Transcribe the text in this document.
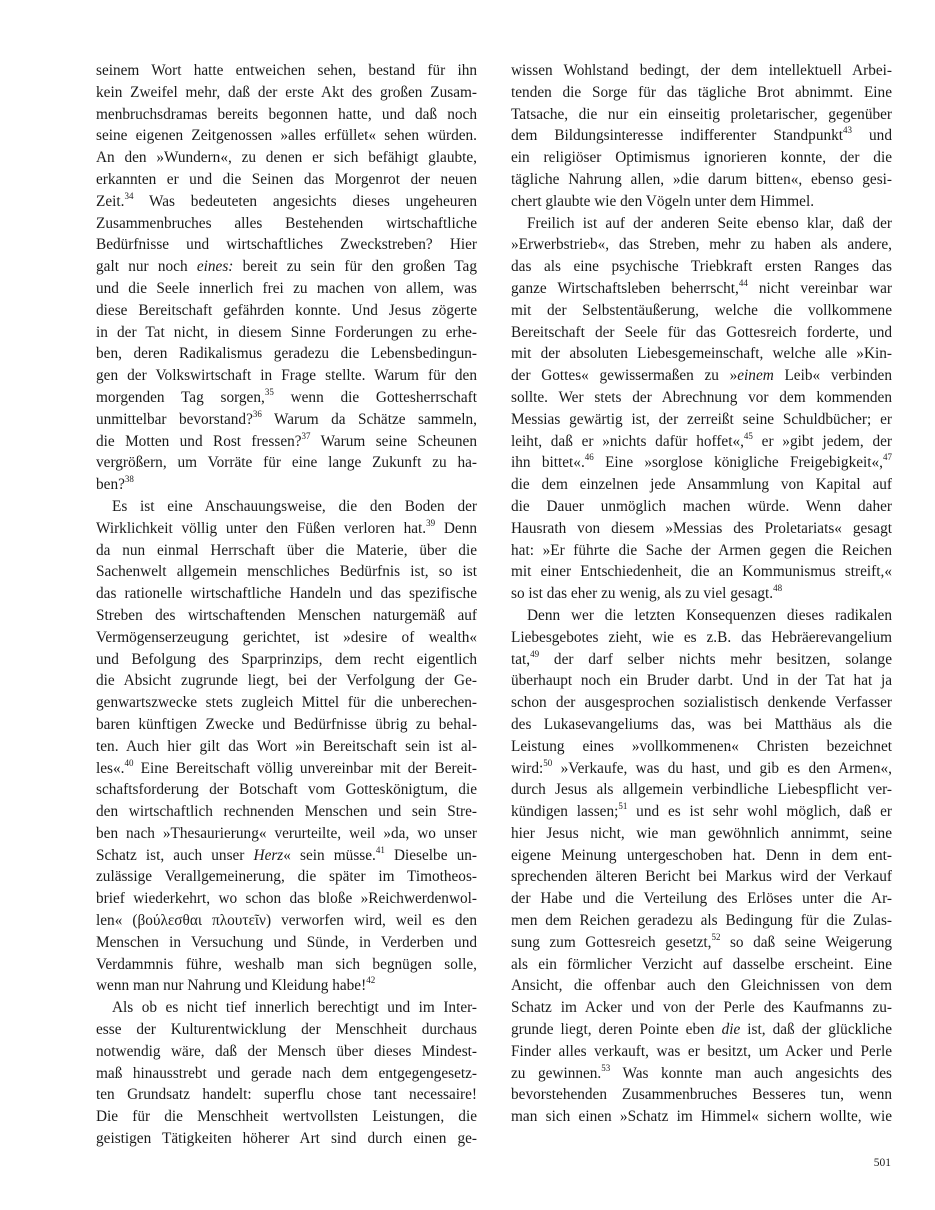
seinem Wort hatte entweichen sehen, bestand für ihn
kein Zweifel mehr, daß der erste Akt des großen Zusam-
menbruchsdramas bereits begonnen hatte, und daß noch
seine eigenen Zeitgenossen »alles erfüllet« sehen würden.
An den »Wundern«, zu denen er sich befähigt glaubte,
erkannten er und die Seinen das Morgenrot der neuen
Zeit.$^{34}$ Was bedeuteten angesichts dieses ungeheuren
Zusammenbruches alles Bestehenden wirtschaftliche
Bedürfnisse und wirtschaftliches Zweckstreben? Hier
galt nur noch eines: bereit zu sein für den großen Tag
und die Seele innerlich frei zu machen von allem, was
diese Bereitschaft gefährden konnte. Und Jesus zögerte
in der Tat nicht, in diesem Sinne Forderungen zu erhe-
ben, deren Radikalismus geradezu die Lebensbedingun-
gen der Volkswirtschaft in Frage stellte. Warum für den
morgenden Tag sorgen,$^{35}$ wenn die Gottesherrschaft
unmittelbar bevorstand?$^{36}$ Warum da Schätze sammeln,
die Motten und Rost fressen?$^{37}$ Warum seine Scheunen
vergrößern, um Vorräte für eine lange Zukunft zu ha-
ben?$^{38}$
Es ist eine Anschauungsweise, die den Boden der
Wirklichkeit völlig unter den Füßen verloren hat.$^{39}$ Denn
da nun einmal Herrschaft über die Materie, über die
Sachenwelt allgemein menschliches Bedürfnis ist, so ist
das rationelle wirtschaftliche Handeln und das spezifische
Streben des wirtschaftenden Menschen naturgemäß auf
Vermögenserzeugung gerichtet, ist »desire of wealth«
und Befolgung des Sparprinzips, dem recht eigentlich
die Absicht zugrunde liegt, bei der Verfolgung der Ge-
genwartszwecke stets zugleich Mittel für die unberechen-
baren künftigen Zwecke und Bedürfnisse übrig zu behal-
ten. Auch hier gilt das Wort »in Bereitschaft sein ist al-
les«.$^{40}$ Eine Bereitschaft völlig unvereinbar mit der Bereit-
schaftsforderung der Botschaft vom Gotteskönigtum, die
den wirtschaftlich rechnenden Menschen und sein Stre-
ben nach »Thesaurierung« verurteilte, weil »da, wo unser
Schatz ist, auch unser Herz« sein müsse.$^{41}$ Dieselbe un-
zulässige Verallgemeinerung, die später im Timotheos-
brief wiederkehrt, wo schon das bloße »Reichwerdenwol-
len« (βούλεσθαι πλουτεῖν) verworfen wird, weil es den
Menschen in Versuchung und Sünde, in Verderben und
Verdammnis führe, weshalb man sich begnügen solle,
wenn man nur Nahrung und Kleidung habe!$^{42}$
Als ob es nicht tief innerlich berechtigt und im Inter-
esse der Kulturentwicklung der Menschheit durchaus
notwendig wäre, daß der Mensch über dieses Mindest-
maß hinausstrebt und gerade nach dem entgegengesetz-
ten Grundsatz handelt: superflu chose tant necessaire!
Die für die Menschheit wertvollsten Leistungen, die
geistigen Tätigkeiten höherer Art sind durch einen ge-
wissen Wohlstand bedingt, der dem intellektuell Arbei-
tenden die Sorge für das tägliche Brot abnimmt. Eine
Tatsache, die nur ein einseitig proletarischer, gegenüber
dem Bildungsinteresse indifferenter Standpunkt$^{43}$ und
ein religiöser Optimismus ignorieren konnte, der die
tägliche Nahrung allen, »die darum bitten«, ebenso gesi-
chert glaubte wie den Vögeln unter dem Himmel.
Freilich ist auf der anderen Seite ebenso klar, daß der
»Erwerbstrieb«, das Streben, mehr zu haben als andere,
das als eine psychische Triebkraft ersten Ranges das
ganze Wirtschaftsleben beherrscht,$^{44}$ nicht vereinbar war
mit der Selbstentäußerung, welche die vollkommene
Bereitschaft der Seele für das Gottesreich forderte, und
mit der absoluten Liebesgemeinschaft, welche alle »Kin-
der Gottes« gewissermaßen zu »einem Leib« verbinden
sollte. Wer stets der Abrechnung vor dem kommenden
Messias gewärtig ist, der zerreißt seine Schuldbücher; er
leiht, daß er »nichts dafür hoffet«,$^{45}$ er »gibt jedem, der
ihn bittet«.$^{46}$ Eine »sorglose königliche Freigebigkeit«,$^{47}$
die dem einzelnen jede Ansammlung von Kapital auf
die Dauer unmöglich machen würde. Wenn daher
Hausrath von diesem »Messias des Proletariats« gesagt
hat: »Er führte die Sache der Armen gegen die Reichen
mit einer Entschiedenheit, die an Kommunismus streift,«
so ist das eher zu wenig, als zu viel gesagt.$^{48}$
Denn wer die letzten Konsequenzen dieses radikalen
Liebesgebotes zieht, wie es z.B. das Hebräerevangelium
tat,$^{49}$ der darf selber nichts mehr besitzen, solange
überhaupt noch ein Bruder darbt. Und in der Tat hat ja
schon der ausgesprochen sozialistisch denkende Verfasser
des Lukasevangeliums das, was bei Matthäus als die
Leistung eines »vollkommenen« Christen bezeichnet
wird:$^{50}$ »Verkaufe, was du hast, und gib es den Armen«,
durch Jesus als allgemein verbindliche Liebespflicht ver-
kündigen lassen;$^{51}$ und es ist sehr wohl möglich, daß er
hier Jesus nicht, wie man gewöhnlich annimmt, seine
eigene Meinung untergeschoben hat. Denn in dem ent-
sprechenden älteren Bericht bei Markus wird der Verkauf
der Habe und die Verteilung des Erlöses unter die Ar-
men dem Reichen geradezu als Bedingung für die Zulas-
sung zum Gottesreich gesetzt,$^{52}$ so daß seine Weigerung
als ein förmlicher Verzicht auf dasselbe erscheint. Eine
Ansicht, die offenbar auch den Gleichnissen von dem
Schatz im Acker und von der Perle des Kaufmanns zu-
grunde liegt, deren Pointe eben die ist, daß der glückliche
Finder alles verkauft, was er besitzt, um Acker und Perle
zu gewinnen.$^{53}$ Was konnte man auch angesichts des
bevorstehenden Zusammenbruches Besseres tun, wenn
man sich einen »Schatz im Himmel« sichern wollte, wie
501
